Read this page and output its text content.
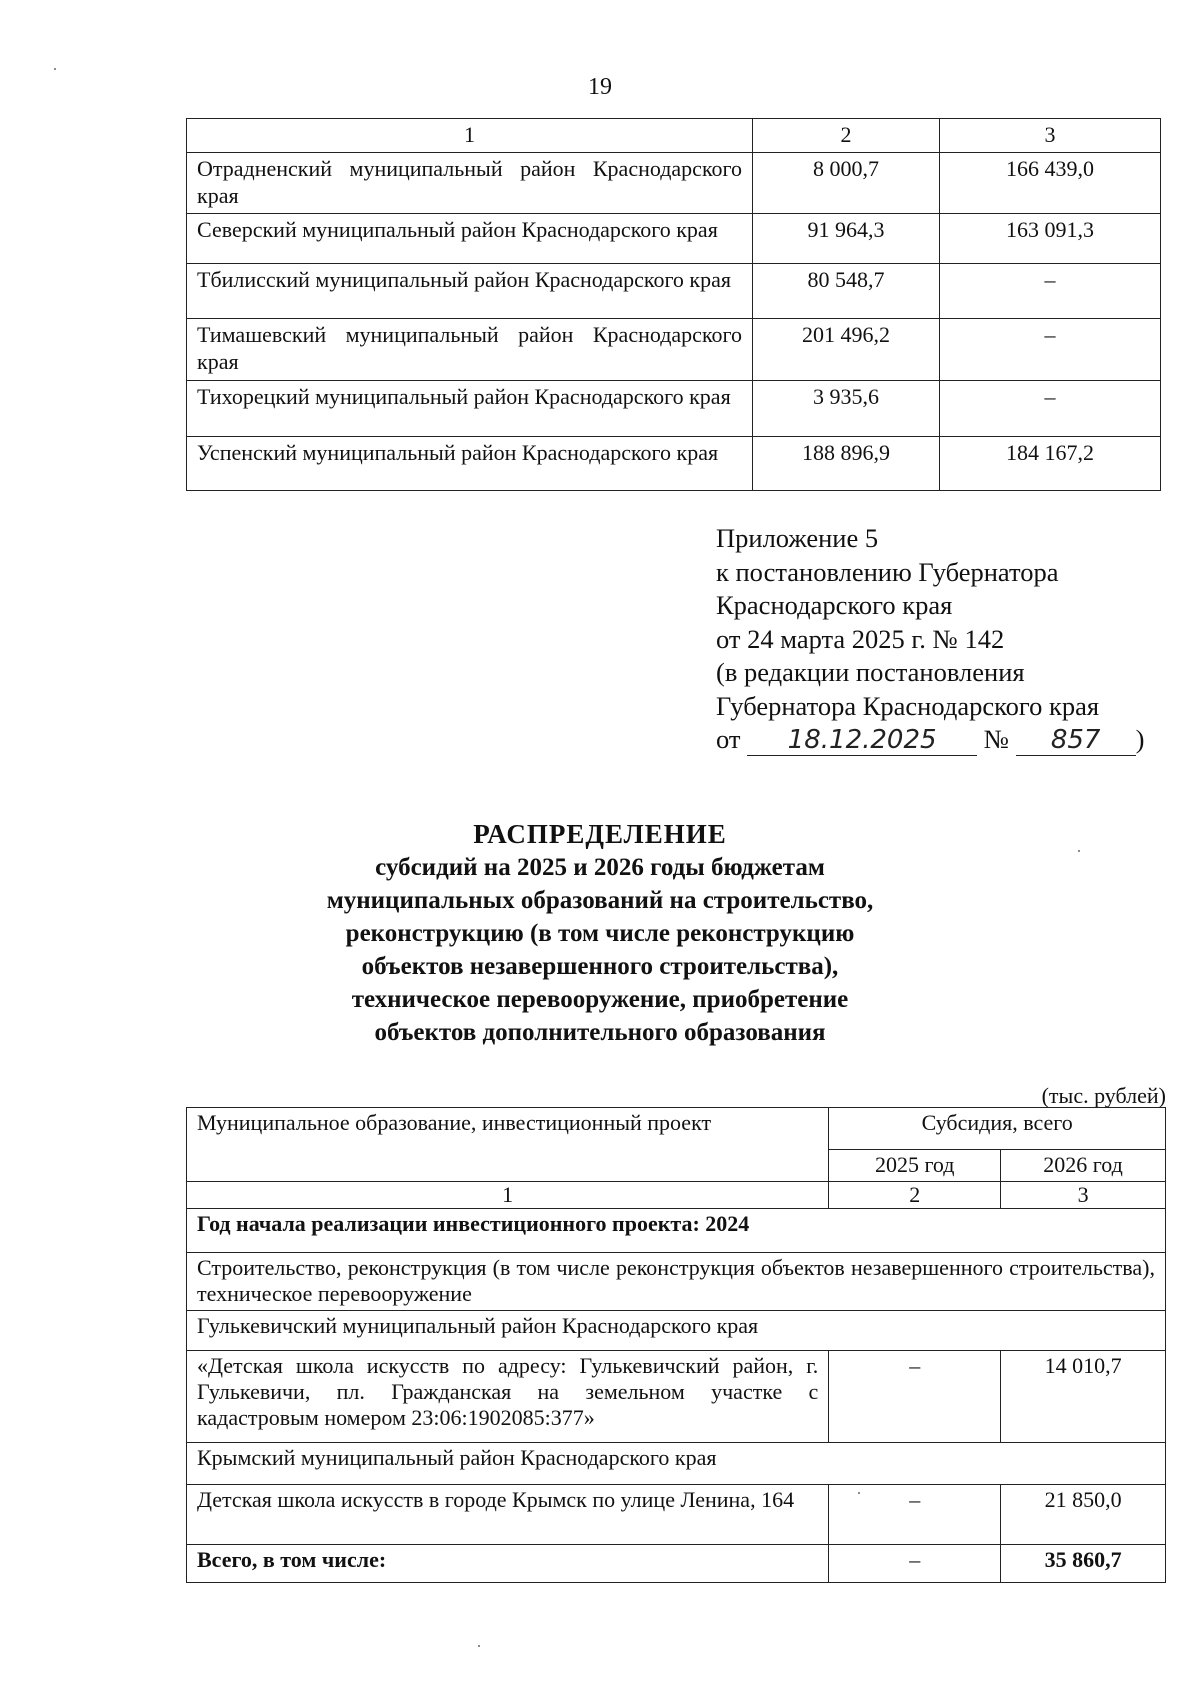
19
1	2	3
Отрадненский муниципальный район Краснодарского края	8 000,7	166 439,0
Северский муниципальный район Краснодарского края	91 964,3	163 091,3
Тбилисский муниципальный район Краснодарского края	80 548,7	–
Тимашевский муниципальный район Краснодарского края	201 496,2	–
Тихорецкий муниципальный район Краснодарского края	3 935,6	–
Успенский муниципальный район Краснодарского края	188 896,9	184 167,2
Приложение 5
к постановлению Губернатора
Краснодарского края
от 24 марта 2025 г. № 142
(в редакции постановления
Губернатора Краснодарского края
от 18.12.2025 № 857 )
РАСПРЕДЕЛЕНИЕ
субсидий на 2025 и 2026 годы бюджетам
муниципальных образований на строительство,
реконструкцию (в том числе реконструкцию
объектов незавершенного строительства),
техническое перевооружение, приобретение
объектов дополнительного образования
(тыс. рублей)
Муниципальное образование, инвестиционный проект	Субсидия, всего	
	2025 год	2026 год
1	2	3
Год начала реализации инвестиционного проекта: 2024		
Строительство, реконструкция (в том числе реконструкция объектов незавершенного строительства), техническое перевооружение		
Гулькевичский муниципальный район Краснодарского края		
«Детская школа искусств по адресу: Гулькевичский район, г. Гулькевичи, пл. Гражданская на земельном участке с кадастровым номером 23:06:1902085:377»	–	14 010,7
Крымский муниципальный район Краснодарского края		
Детская школа искусств в городе Крымск по улице Ленина, 164	–	21 850,0
Всего, в том числе:	–	35 860,7
